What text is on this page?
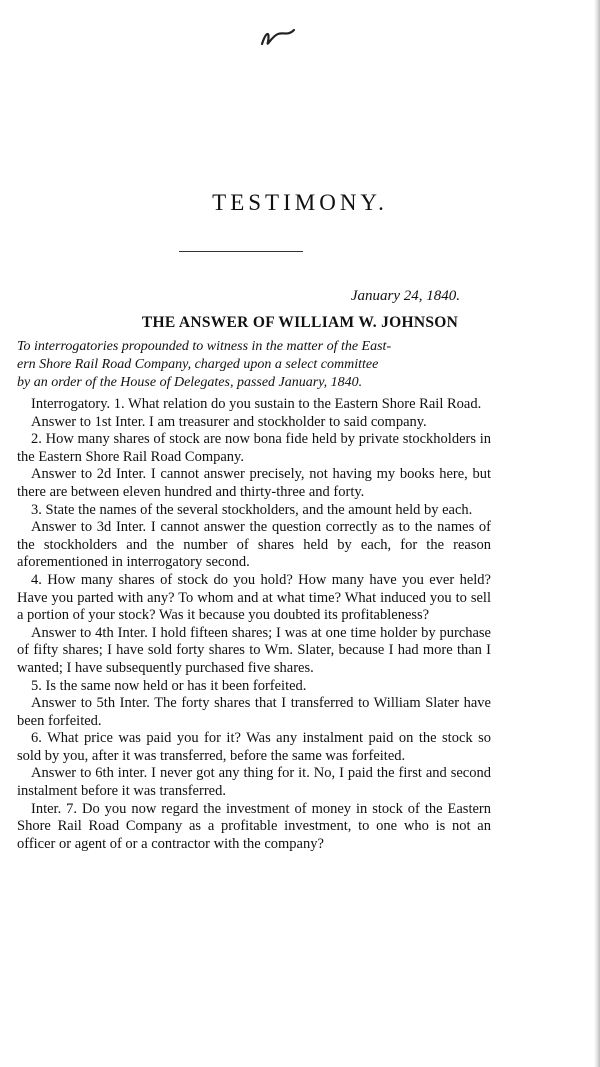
TESTIMONY.

January 24, 1840.

THE ANSWER OF WILLIAM W. JOHNSON

To interrogatories propounded to witness in the matter of the East-

ern Shore Rail Road Company, charged upon a select committee

by an order of the House of Delegates, passed January, 1840.

Interrogatory. 1. What relation do you sustain to the Eastern Shore Rail Road.

Answer to 1st Inter. I am treasurer and stockholder to said company.

2. How many shares of stock are now bona fide held by private stockholders in the Eastern Shore Rail Road Company.

Answer to 2d Inter. I cannot answer precisely, not having my books here, but there are between eleven hundred and thirty-three and forty.

3. State the names of the several stockholders, and the amount held by each.

Answer to 3d Inter. I cannot answer the question correctly as to the names of the stockholders and the number of shares held by each, for the reason aforementioned in interrogatory second.

4. How many shares of stock do you hold? How many have you ever held? Have you parted with any? To whom and at what time? What induced you to sell a portion of your stock? Was it because you doubted its profitableness?

Answer to 4th Inter. I hold fifteen shares; I was at one time holder by purchase of fifty shares; I have sold forty shares to Wm. Slater, because I had more than I wanted; I have subsequently purchased five shares.

5. Is the same now held or has it been forfeited.

Answer to 5th Inter. The forty shares that I transferred to William Slater have been forfeited.

6. What price was paid you for it? Was any instalment paid on the stock so sold by you, after it was transferred, before the same was forfeited.

Answer to 6th inter. I never got any thing for it. No, I paid the first and second instalment before it was transferred.

Inter. 7. Do you now regard the investment of money in stock of the Eastern Shore Rail Road Company as a profitable investment, to one who is not an officer or agent of or a contractor with the company?
